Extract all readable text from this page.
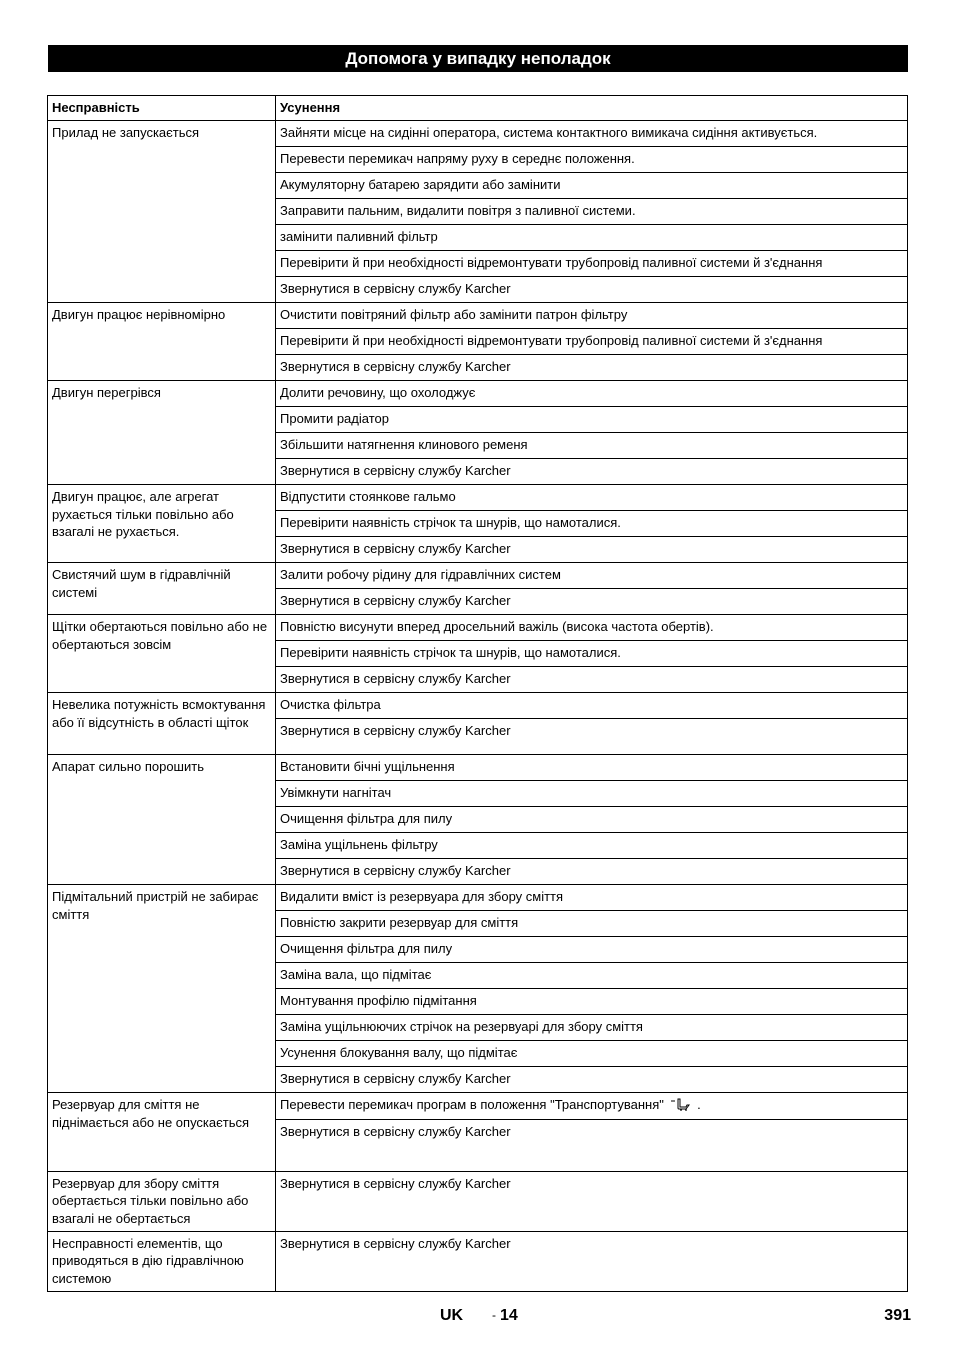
Допомога у випадку неполадок
Несправність	Усунення
Прилад не запускається	Зайняти місце на сидінні оператора, система контактного вимикача сидіння активується.
	Перевести перемикач напряму руху в середнє положення.
	Акумуляторну батарею зарядити або замінити
	Заправити пальним, видалити повітря з паливної системи.
	замінити паливний фільтр
	Перевірити й при необхідності відремонтувати трубопровід паливної системи й з'єднання
	Звернутися в сервісну службу Karcher
Двигун працює нерівномірно	Очистити повітряний фільтр або замінити патрон фільтру
	Перевірити й при необхідності відремонтувати трубопровід паливної системи й з'єднання
	Звернутися в сервісну службу Karcher
Двигун перегрівся	Долити речовину, що охолоджує
	Промити радіатор
	Збільшити натягнення клинового ременя
	Звернутися в сервісну службу Karcher
Двигун працює, але агрегат рухається тільки повільно або взагалі не рухається.	Відпустити стоянкове гальмо
	Перевірити наявність стрічок та шнурів, що намоталися.
	Звернутися в сервісну службу Karcher
Свистячий шум в гідравлічній системі	Залити робочу рідину для гідравлічних систем
	Звернутися в сервісну службу Karcher
Щітки обертаються повільно або не обертаються зовсім	Повністю висунути вперед дросельний важіль (висока частота обертів).
	Перевірити наявність стрічок та шнурів, що намоталися.
	Звернутися в сервісну службу Karcher
Невелика потужність всмоктування або її відсутність в області щіток	Очистка фільтра
	Звернутися в сервісну службу Karcher
Апарат сильно порошить	Встановити бічні ущільнення
	Увімкнути нагнітач
	Очищення фільтра для пилу
	Заміна ущільнень фільтру
	Звернутися в сервісну службу Karcher
Підмітальний пристрій не забирає сміття	Видалити вміст із резервуара для збору сміття
	Повністю закрити резервуар для сміття
	Очищення фільтра для пилу
	Заміна вала, що підмітає
	Монтування профілю підмітання
	Заміна ущільнюючих стрічок на резервуарі для збору сміття
	Усунення блокування валу, що підмітає
	Звернутися в сервісну службу Karcher
Резервуар для сміття не піднімається або не опускається	Перевести перемикач програм в положення "Транспортування" .
	Звернутися в сервісну службу Karcher
Резервуар для збору сміття обертається тільки повільно або взагалі не обертається	Звернутися в сервісну службу Karcher
Несправності елементів, що приводяться в дію гідравлічною системою	Звернутися в сервісну службу Karcher
UK - 14	391
